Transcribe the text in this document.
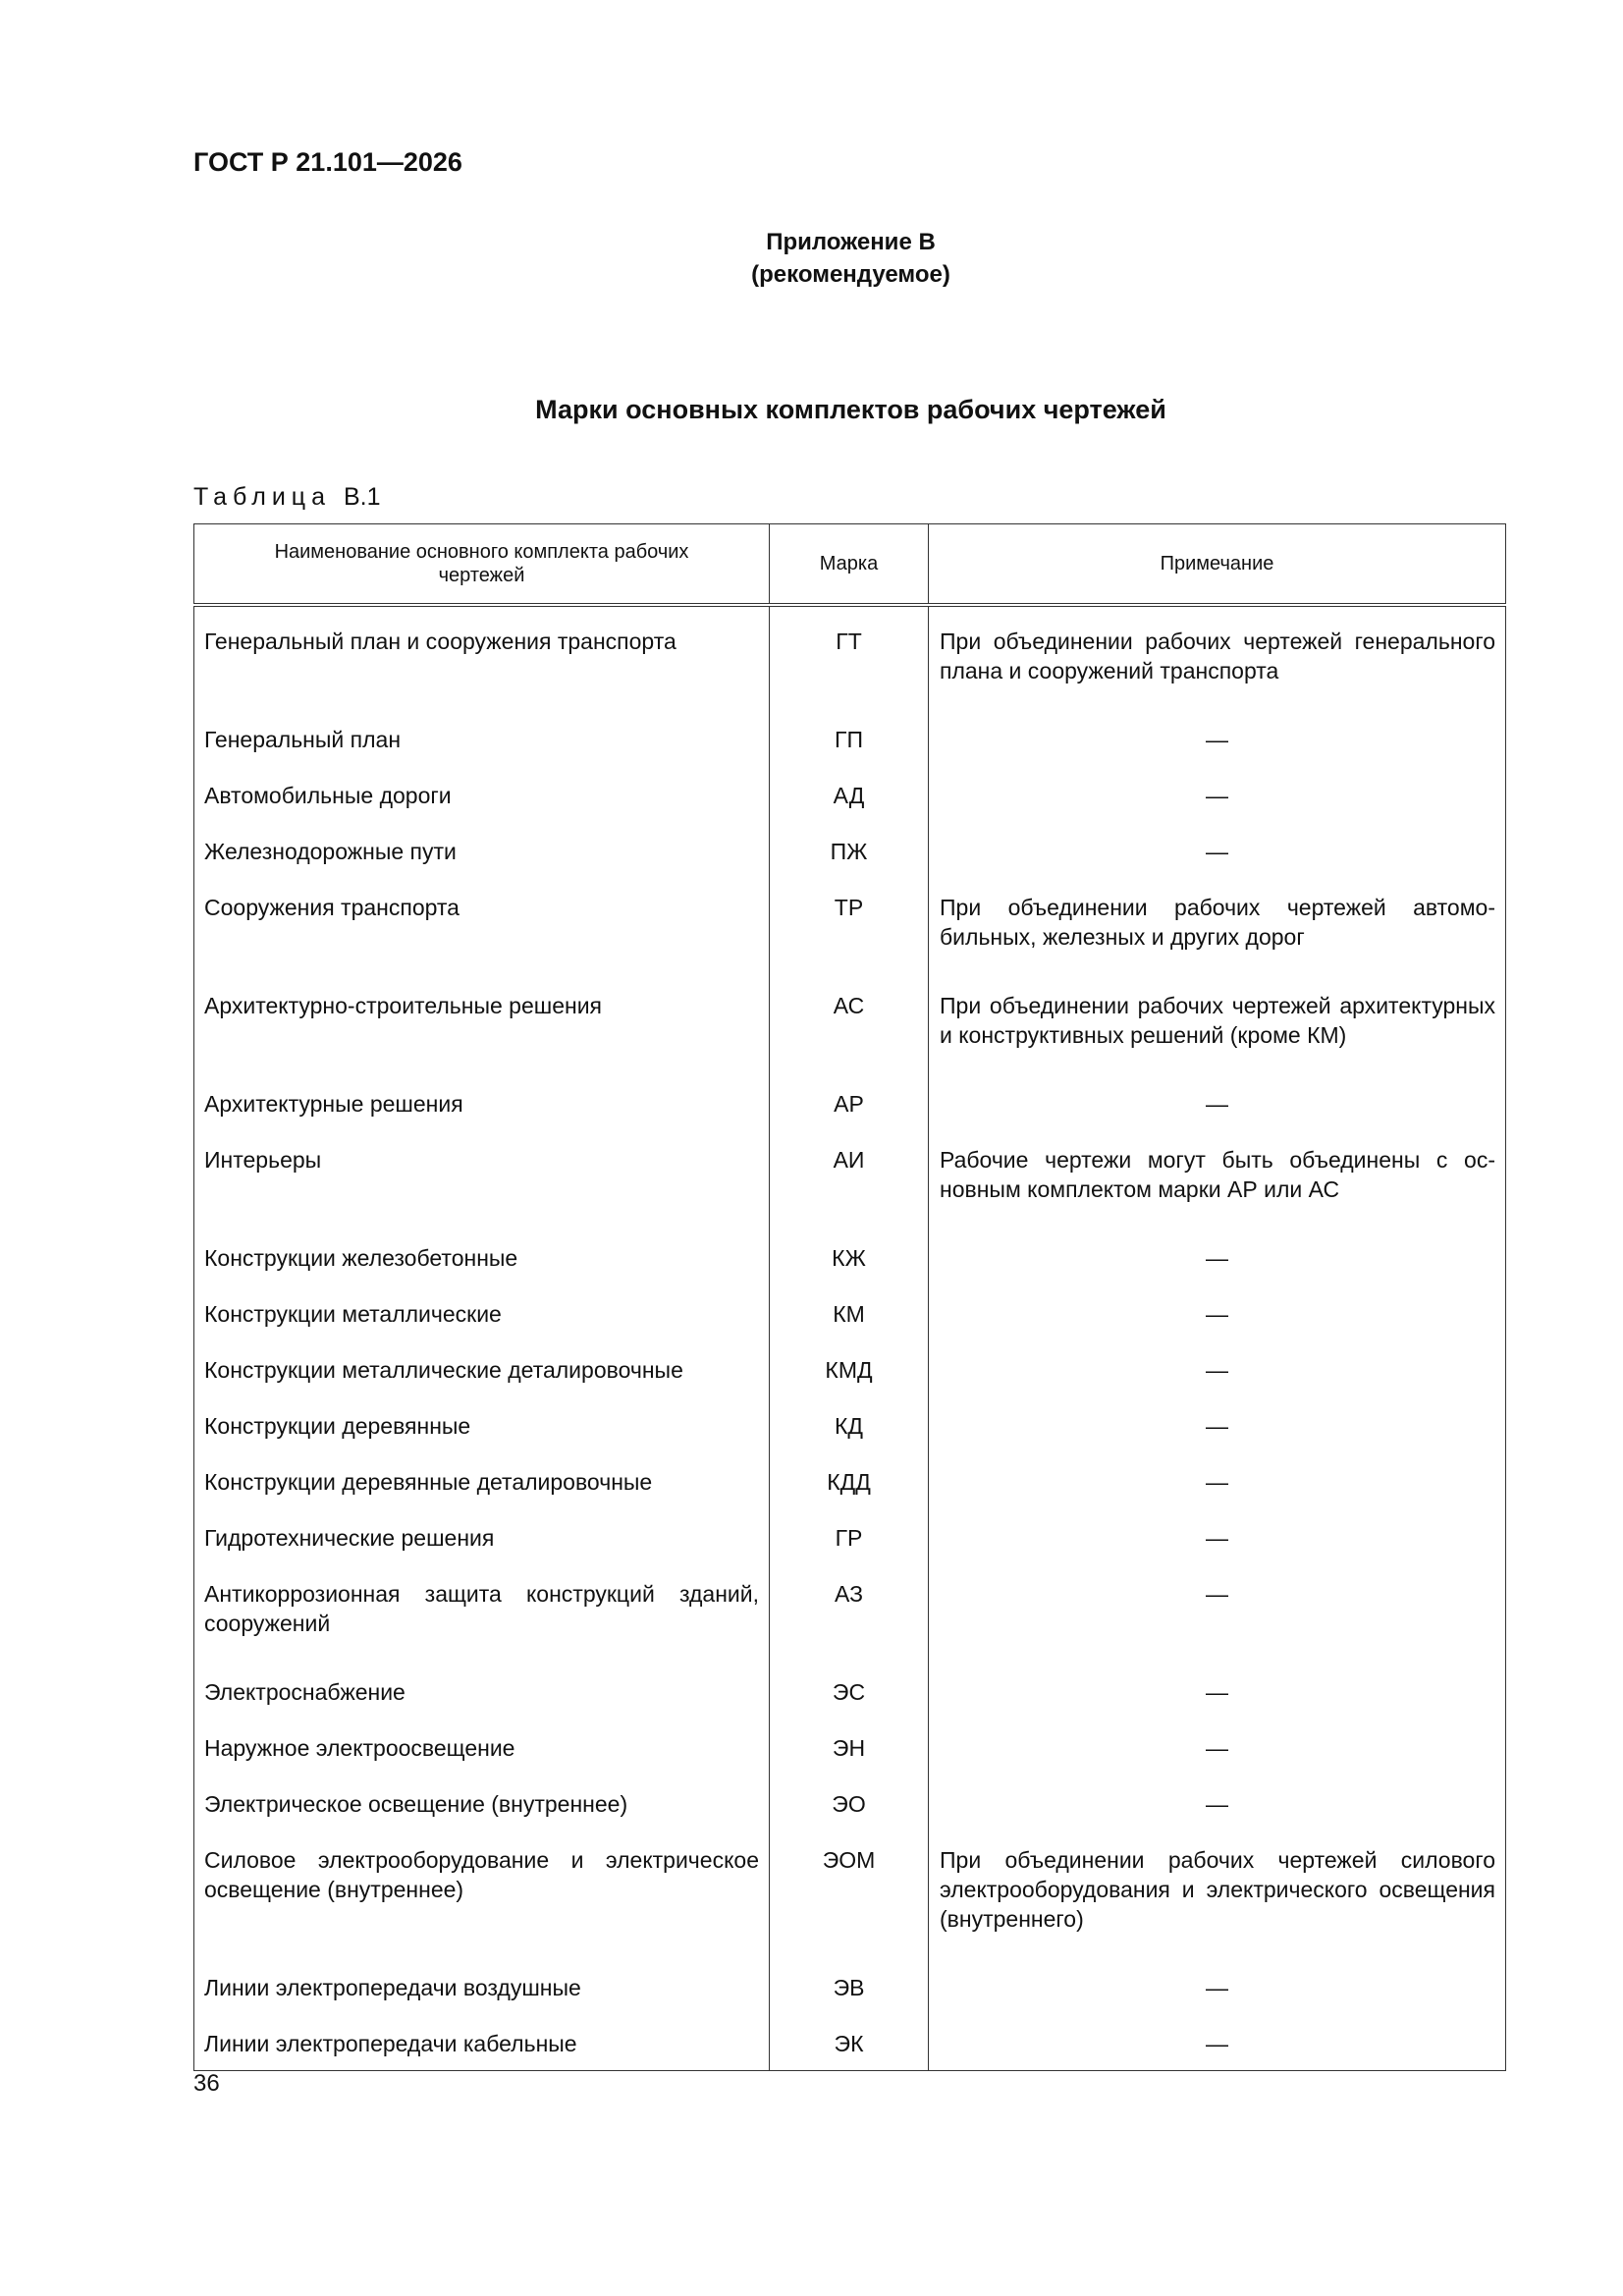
ГОСТ Р 21.101—2026
Приложение В
(рекомендуемое)
Марки основных комплектов рабочих чертежей
Таблица В.1
Наименование основного комплекта рабочих чертежей	Марка	Примечание
Генеральный план и сооружения транспорта	ГТ	При объединении рабочих чертежей генерального плана и сооружений транспорта
Генеральный план	ГП	—
Автомобильные дороги	АД	—
Железнодорожные пути	ПЖ	—
Сооружения транспорта	ТР	При объединении рабочих чертежей автомобильных, железных и других дорог
Архитектурно-строительные решения	АС	При объединении рабочих чертежей архитектурных и конструктивных решений (кроме КМ)
Архитектурные решения	АР	—
Интерьеры	АИ	Рабочие чертежи могут быть объединены с основным комплектом марки АР или АС
Конструкции железобетонные	КЖ	—
Конструкции металлические	КМ	—
Конструкции металлические деталировочные	КМД	—
Конструкции деревянные	КД	—
Конструкции деревянные деталировочные	КДД	—
Гидротехнические решения	ГР	—
Антикоррозионная защита конструкций зданий, сооружений	АЗ	—
Электроснабжение	ЭС	—
Наружное электроосвещение	ЭН	—
Электрическое освещение (внутреннее)	ЭО	—
Силовое электрооборудование и электрическое освещение (внутреннее)	ЭОМ	При объединении рабочих чертежей силового электрооборудования и электрического освещения (внутреннего)
Линии электропередачи воздушные	ЭВ	—
Линии электропередачи кабельные	ЭК	—
36
